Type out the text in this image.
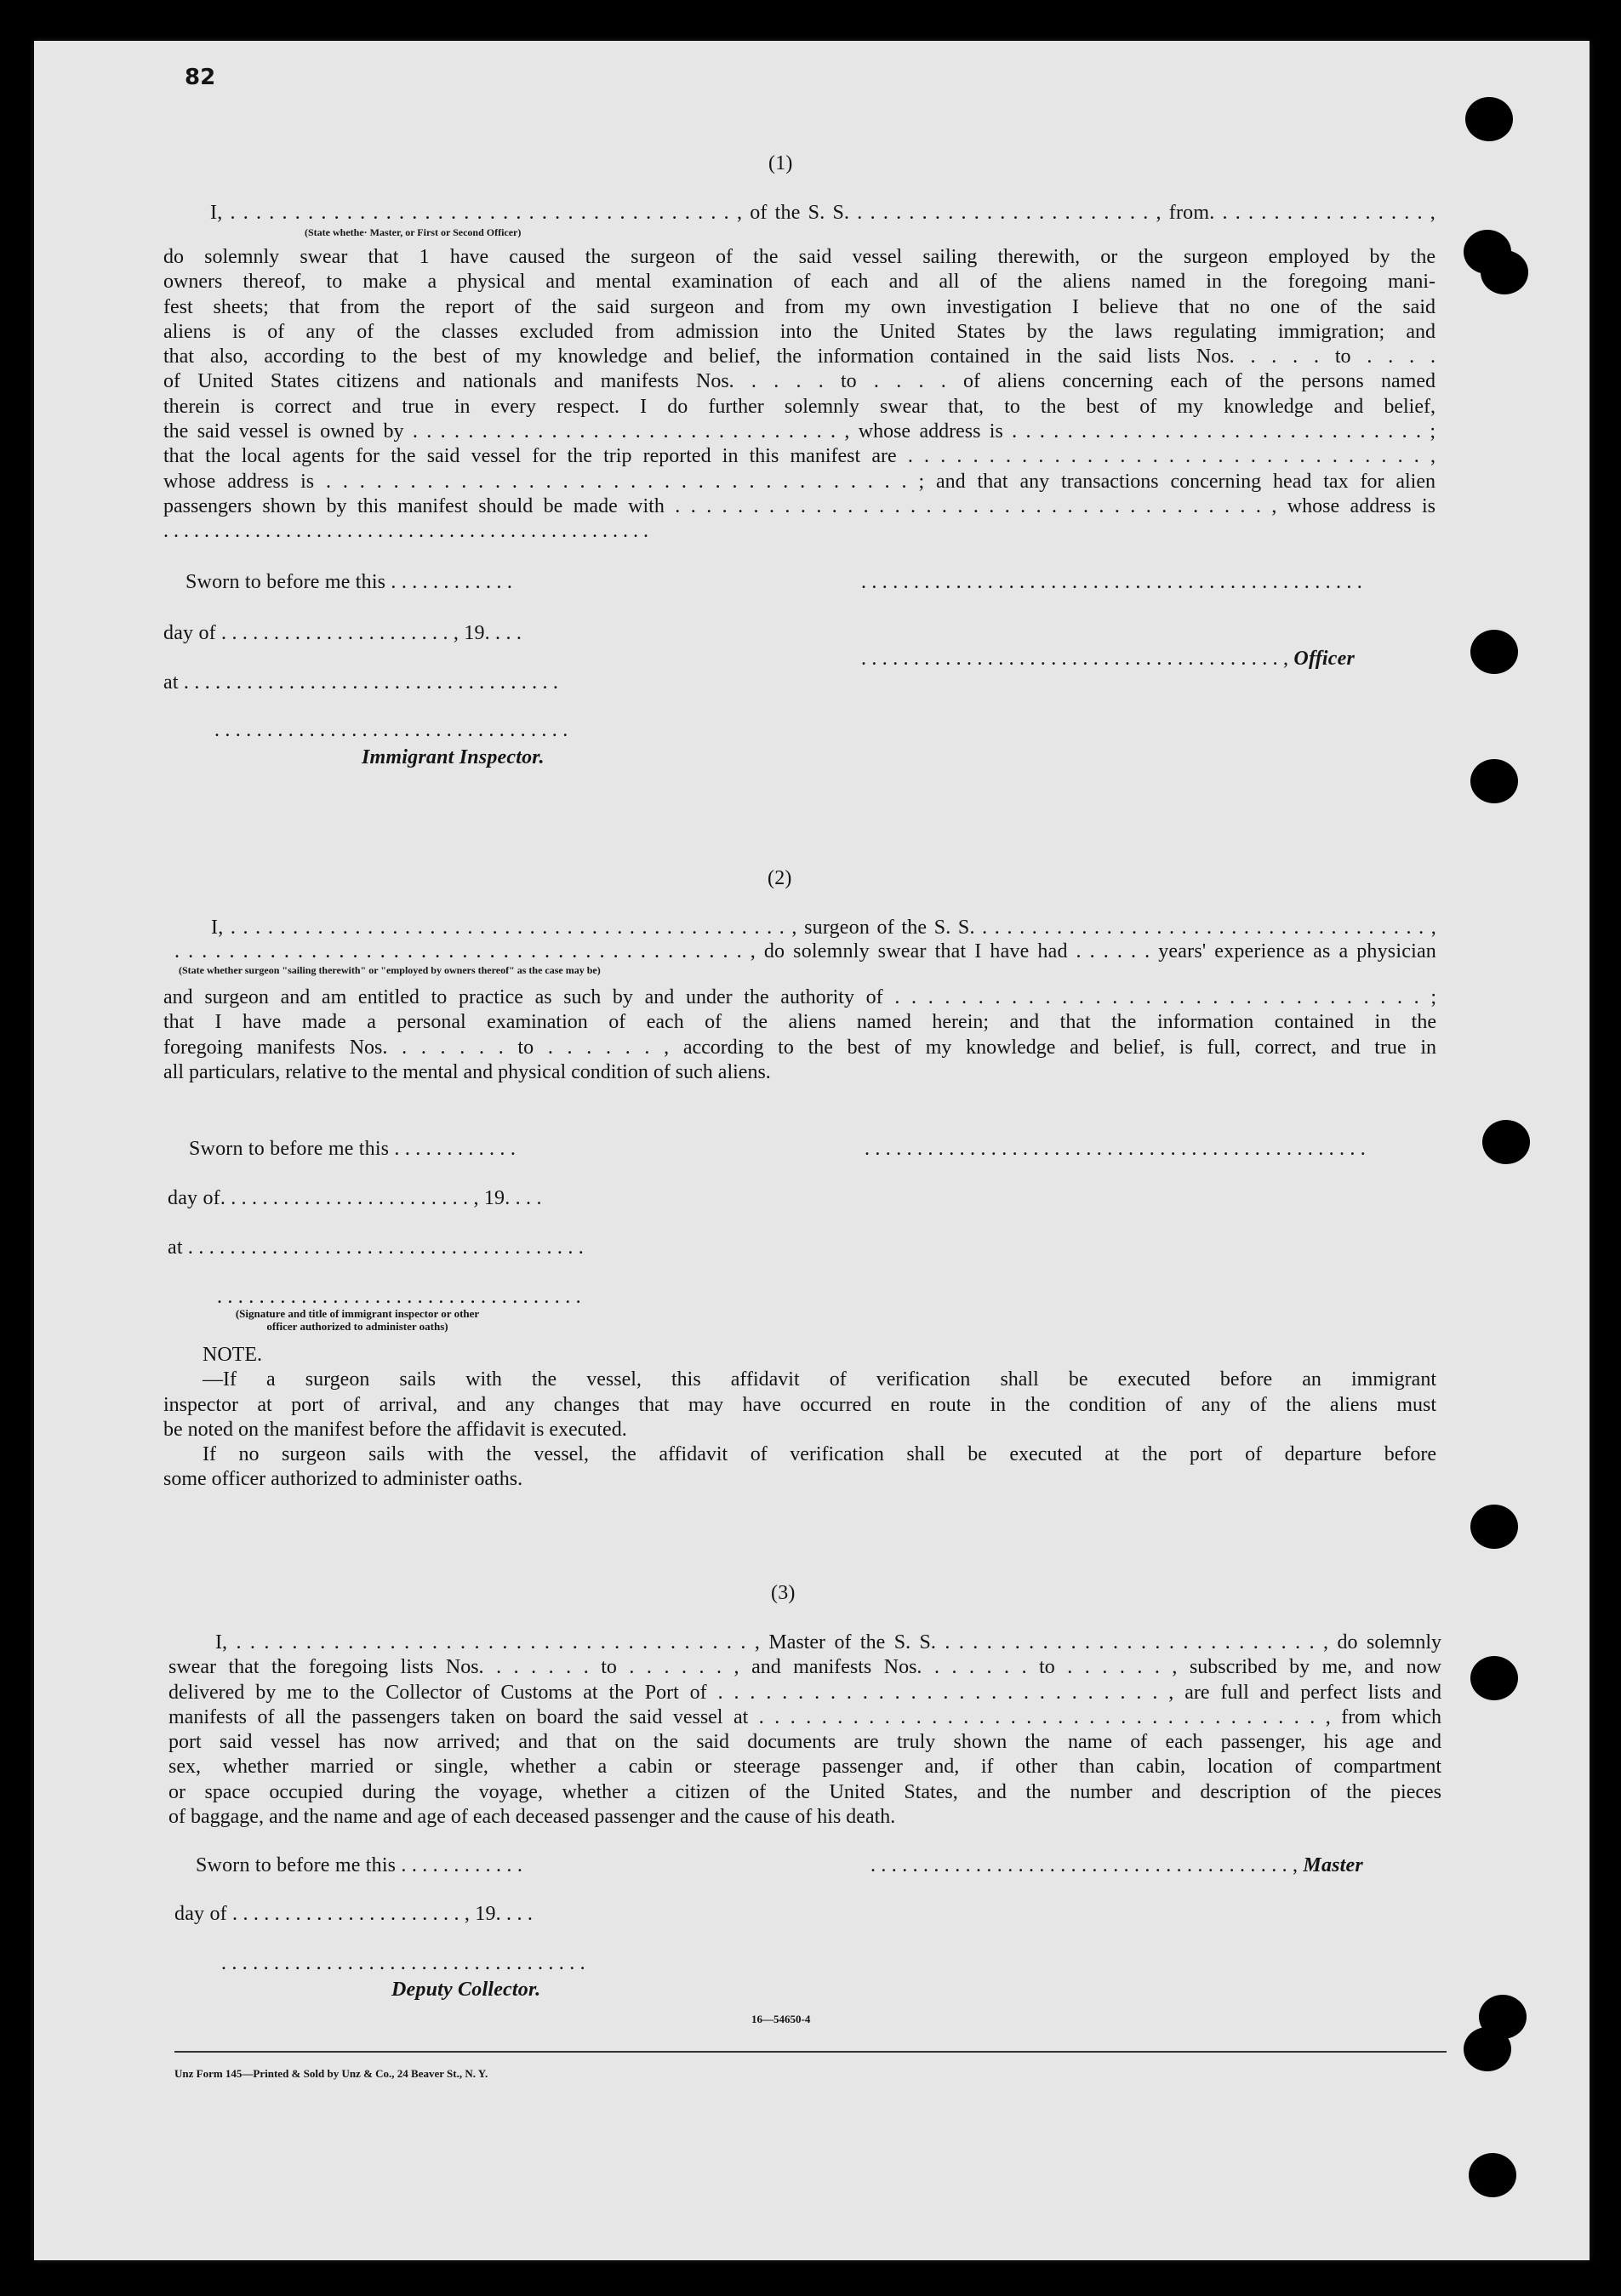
82
(1)
I, . . . . . . . . . . . . . . . . . . . . . . . . . . . . . . . . . . . . . . . , of the S. S. . . . . . . . . . . . . . . . . . . . . . . . , from. . . . . . . . . . . . . . . . . ,
(State whethe· Master, or First or Second Officer)
do solemnly swear that 1 have caused the surgeon of the said vessel sailing therewith, or the surgeon employed by the
owners thereof, to make a physical and mental examination of each and all of the aliens named in the foregoing mani-
fest sheets; that from the report of the said surgeon and from my own investigation I believe that no one of the said
aliens is of any of the classes excluded from admission into the United States by the laws regulating immigration; and
that also, according to the best of my knowledge and belief, the information contained in the said lists Nos. . . . . to . . . .
of United States citizens and nationals and manifests Nos. . . . . to . . . . of aliens concerning each of the persons named
therein is correct and true in every respect. I do further solemnly swear that, to the best of my knowledge and belief,
the said vessel is owned by . . . . . . . . . . . . . . . . . . . . . . . . . . . . . . . , whose address is . . . . . . . . . . . . . . . . . . . . . . . . . . . . . . ;
that the local agents for the said vessel for the trip reported in this manifest are . . . . . . . . . . . . . . . . . . . . . . . . . . . . . . . . ,
whose address is . . . . . . . . . . . . . . . . . . . . . . . . . . . . . . . . . . . ; and that any transactions concerning head tax for alien
passengers shown by this manifest should be made with . . . . . . . . . . . . . . . . . . . . . . . . . . . . . . . . . . . . . . , whose address is
. . . . . . . . . . . . . . . . . . . . . . . . . . . . . . . . . . . . . . . . . . . . . . . .
Sworn to before me this . . . . . . . . . . . .	. . . . . . . . . . . . . . . . . . . . . . . . . . . . . . . . . . . . . . . . . . . . . . . .
day of . . . . . . . . . . . . . . . . . . . . . . , 19. . . .
. . . . . . . . . . . . . . . . . . . . . . . . . . . . . . . . . . . . . . . . , Officer
at . . . . . . . . . . . . . . . . . . . . . . . . . . . . . . . . . . . .
. . . . . . . . . . . . . . . . . . . . . . . . . . . . . . . . . .
Immigrant Inspector.
(2)
I, . . . . . . . . . . . . . . . . . . . . . . . . . . . . . . . . . . . . . . . . . . . . . , surgeon of the S. S. . . . . . . . . . . . . . . . . . . . . . . . . . . . . . . . . . . . . ,
. . . . . . . . . . . . . . . . . . . . . . . . . . . . . . . . . . . . . . . . . . , do solemnly swear that I have had . . . . . . years' experience as a physician
(State whether surgeon "sailing therewith" or "employed by owners thereof" as the case may be)
and surgeon and am entitled to practice as such by and under the authority of . . . . . . . . . . . . . . . . . . . . . . . . . . . . . . . . ;
that I have made a personal examination of each of the aliens named herein; and that the information contained in the
foregoing manifests Nos. . . . . . . to . . . . . . , according to the best of my knowledge and belief, is full, correct, and true in
all particulars, relative to the mental and physical condition of such aliens.
Sworn to before me this . . . . . . . . . . . .	. . . . . . . . . . . . . . . . . . . . . . . . . . . . . . . . . . . . . . . . . . . . . . . .
day of. . . . . . . . . . . . . . . . . . . . . . . . , 19. . . .
at . . . . . . . . . . . . . . . . . . . . . . . . . . . . . . . . . . . . . .
. . . . . . . . . . . . . . . . . . . . . . . . . . . . . . . . . . .
(Signature and title of immigrant inspector or other officer authorized to administer oaths)
NOTE.
—If a surgeon sails with the vessel, this affidavit of verification shall be executed before an immigrant
inspector at port of arrival, and any changes that may have occurred en route in the condition of any of the aliens must
be noted on the manifest before the affidavit is executed.
If no surgeon sails with the vessel, the affidavit of verification shall be executed at the port of departure before
some officer authorized to administer oaths.
(3)
I, . . . . . . . . . . . . . . . . . . . . . . . . . . . . . . . . . . . . . , Master of the S. S. . . . . . . . . . . . . . . . . . . . . . . . . . . . , do solemnly
swear that the foregoing lists Nos. . . . . . . to . . . . . . , and manifests Nos. . . . . . . to . . . . . . , subscribed by me, and now
delivered by me to the Collector of Customs at the Port of . . . . . . . . . . . . . . . . . . . . . . . . . . . . , are full and perfect lists and
manifests of all the passengers taken on board the said vessel at . . . . . . . . . . . . . . . . . . . . . . . . . . . . . . . . . . . . , from which
port said vessel has now arrived; and that on the said documents are truly shown the name of each passenger, his age and
sex, whether married or single, whether a cabin or steerage passenger and, if other than cabin, location of compartment
or space occupied during the voyage, whether a citizen of the United States, and the number and description of the pieces
of baggage, and the name and age of each deceased passenger and the cause of his death.
Sworn to before me this . . . . . . . . . . . .	. . . . . . . . . . . . . . . . . . . . . . . . . . . . . . . . . . . . . . . . , Master
day of . . . . . . . . . . . . . . . . . . . . . . , 19. . . .
. . . . . . . . . . . . . . . . . . . . . . . . . . . . . . . . . . .
Deputy Collector.
16—54650-4
Unz Form 145—Printed & Sold by Unz & Co., 24 Beaver St., N. Y.
